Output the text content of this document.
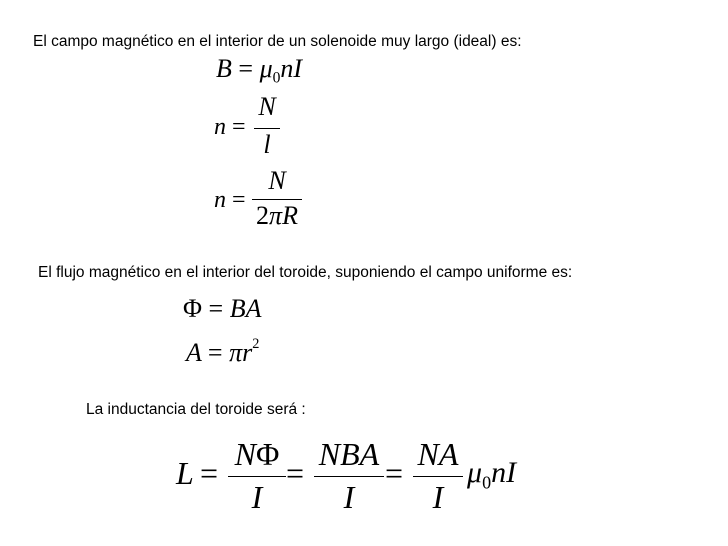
El campo magnético en el interior de un solenoide muy largo (ideal) es:
El flujo magnético en el interior del toroide, suponiendo el campo uniforme es:
La inductancia del toroide será :
$B = \mu_0nI$
n =
N
l
n =
N
2πR
Φ = BA
$A = \pi r^2$
L =
NΦ
I
=
NBA
I
=
NA
I
$\mu_0nI$
